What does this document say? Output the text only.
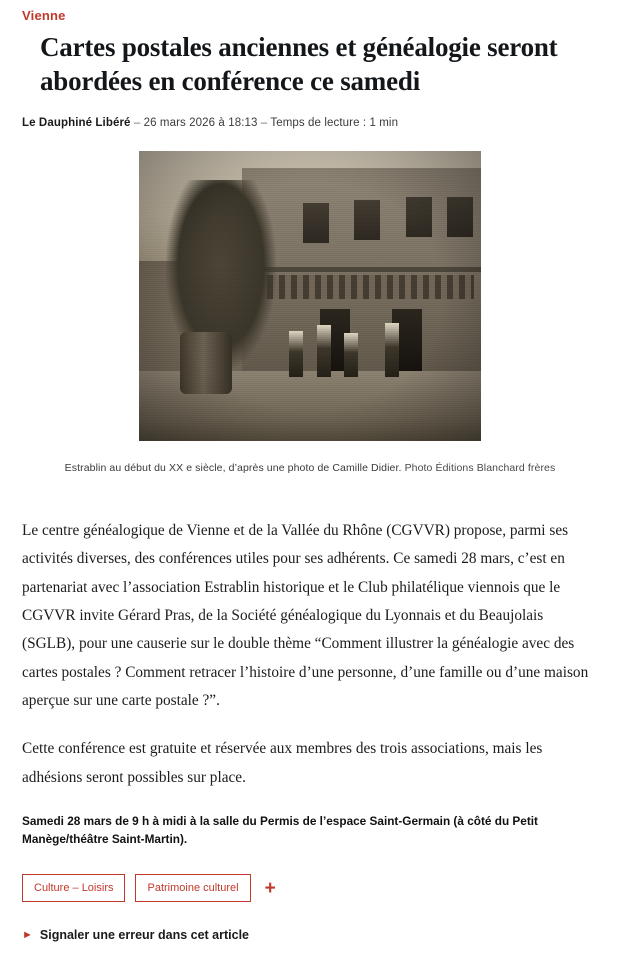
Vienne
Cartes postales anciennes et généalogie seront abordées en conférence ce samedi
Le Dauphiné Libéré – 26 mars 2026 à 18:13 – Temps de lecture : 1 min
Estrablin au début du XX e siècle, d’après une photo de Camille Didier. Photo Éditions Blanchard frères

Le centre généalogique de Vienne et de la Vallée du Rhône (CGVVR) propose, parmi ses activités diverses, des conférences utiles pour ses adhérents. Ce samedi 28 mars, c’est en partenariat avec l’association Estrablin historique et le Club philatélique viennois que le CGVVR invite Gérard Pras, de la Société généalogique du Lyonnais et du Beaujolais (SGLB), pour une causerie sur le double thème “Comment illustrer la généalogie avec des cartes postales ? Comment retracer l’histoire d’une personne, d’une famille ou d’une maison aperçue sur une carte postale ?”.

Cette conférence est gratuite et réservée aux membres des trois associations, mais les adhésions seront possibles sur place.

Samedi 28 mars de 9 h à midi à la salle du Permis de l’espace Saint-Germain (à côté du Petit Manège/théâtre Saint-Martin).
Culture – Loisirs	Patrimoine culturel	+
► Signaler une erreur dans cet article
